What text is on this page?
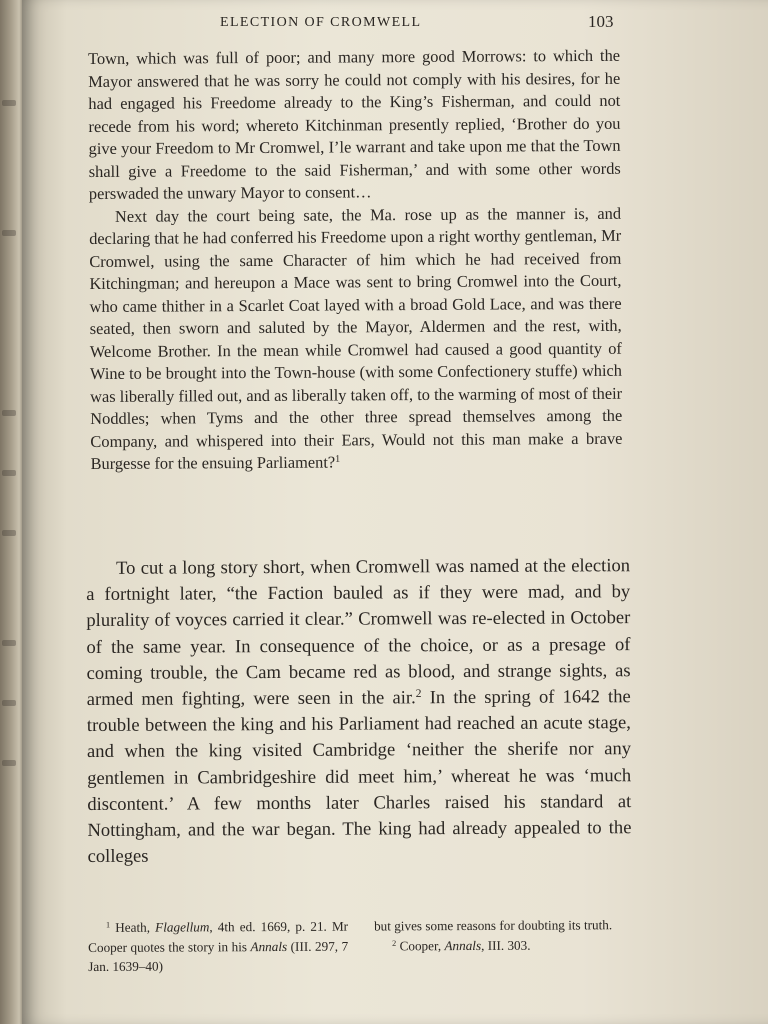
ELECTION OF CROMWELL	103

Town, which was full of poor; and many more good Morrows: to which the Mayor answered that he was sorry he could not comply with his desires, for he had engaged his Freedome already to the King’s Fisherman, and could not recede from his word; whereto Kitchinman presently replied, ‘Brother do you give your Freedom to Mr Cromwel, I’le warrant and take upon me that the Town shall give a Freedome to the said Fisherman,’ and with some other words perswaded the unwary Mayor to consent…

Next day the court being sate, the Ma. rose up as the manner is, and declaring that he had conferred his Freedome upon a right worthy gentleman, Mr Cromwel, using the same Character of him which he had received from Kitchingman; and hereupon a Mace was sent to bring Cromwel into the Court, who came thither in a Scarlet Coat layed with a broad Gold Lace, and was there seated, then sworn and saluted by the Mayor, Aldermen and the rest, with, Welcome Brother. In the mean while Cromwel had caused a good quantity of Wine to be brought into the Town-house (with some Confectionery stuffe) which was liberally filled out, and as liberally taken off, to the warming of most of their Noddles; when Tyms and the other three spread themselves among the Company, and whispered into their Ears, Would not this man make a brave Burgesse for the ensuing Parliament?$^1$

To cut a long story short, when Cromwell was named at the election a fortnight later, “the Faction bauled as if they were mad, and by plurality of voyces carried it clear.” Cromwell was re-elected in October of the same year. In consequence of the choice, or as a presage of coming trouble, the Cam became red as blood, and strange sights, as armed men fighting, were seen in the air.$^2$ In the spring of 1642 the trouble between the king and his Parliament had reached an acute stage, and when the king visited Cambridge ‘neither the sherife nor any gentlemen in Cambridgeshire did meet him,’ whereat he was ‘much discontent.’ A few months later Charles raised his standard at Nottingham, and the war began. The king had already appealed to the colleges

$^1$ Heath, Flagellum, 4th ed. 1669, p. 21. Mr Cooper quotes the story in his Annals (III. 297, 7 Jan. 1639–40)

but gives some reasons for doubting its truth.

$^2$ Cooper, Annals, III. 303.
